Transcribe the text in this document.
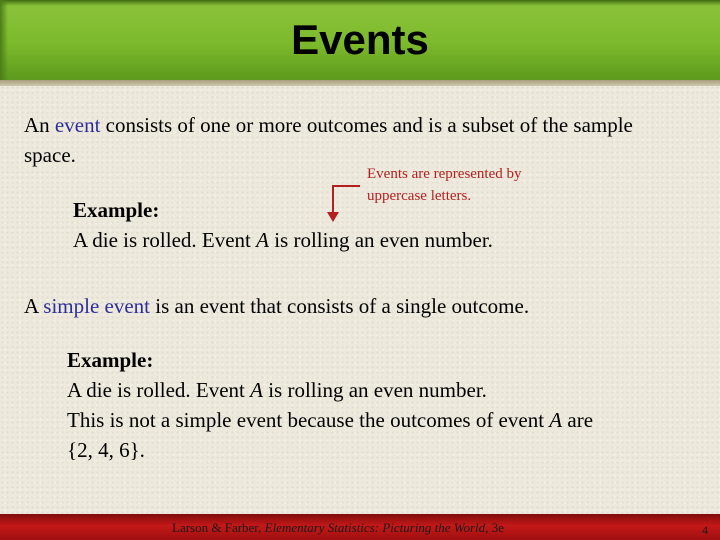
Events

An event consists of one or more outcomes and is a subset of the sample space.

Events are represented by
uppercase letters.

Example:
A die is rolled. Event A is rolling an even number.

A simple event is an event that consists of a single outcome.

Example:
A die is rolled. Event A is rolling an even number.
This is not a simple event because the outcomes of event A are
{2, 4, 6}.

Larson & Farber, Elementary Statistics: Picturing the World, 3e	4
